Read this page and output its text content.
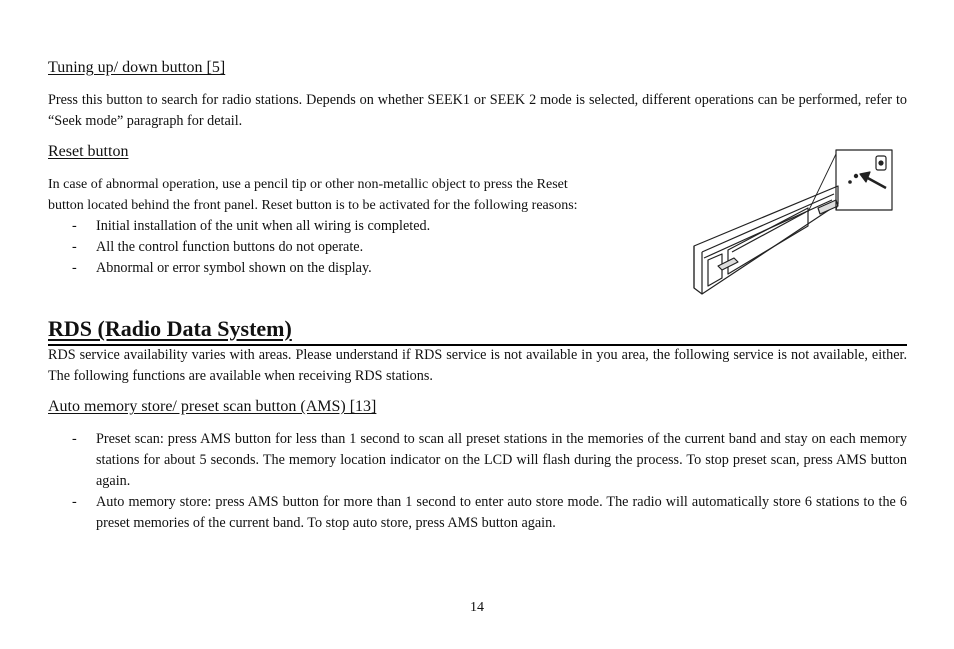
Tuning up/ down button [5]
Press this button to search for radio stations. Depends on whether SEEK1 or SEEK 2 mode is selected, different operations can be performed, refer to “Seek mode” paragraph for detail.
Reset button
In case of abnormal operation, use a pencil tip or other non-metallic object to press the Reset
button located behind the front panel. Reset button is to be activated for the following reasons:
- Initial installation of the unit when all wiring is completed.
- All the control function buttons do not operate.
- Abnormal or error symbol shown on the display.
RDS (Radio Data System)
RDS service availability varies with areas. Please understand if RDS service is not available in you area, the following service is not available, either. The following functions are available when receiving RDS stations.
Auto memory store/ preset scan button (AMS) [13]
- Preset scan: press AMS button for less than 1 second to scan all preset stations in the memories of the current band and stay on each memory stations for about 5 seconds. The memory location indicator on the LCD will flash during the process. To stop preset scan, press AMS button again.
- Auto memory store: press AMS button for more than 1 second to enter auto store mode. The radio will automatically store 6 stations to the 6 preset memories of the current band. To stop auto store, press AMS button again.
14
